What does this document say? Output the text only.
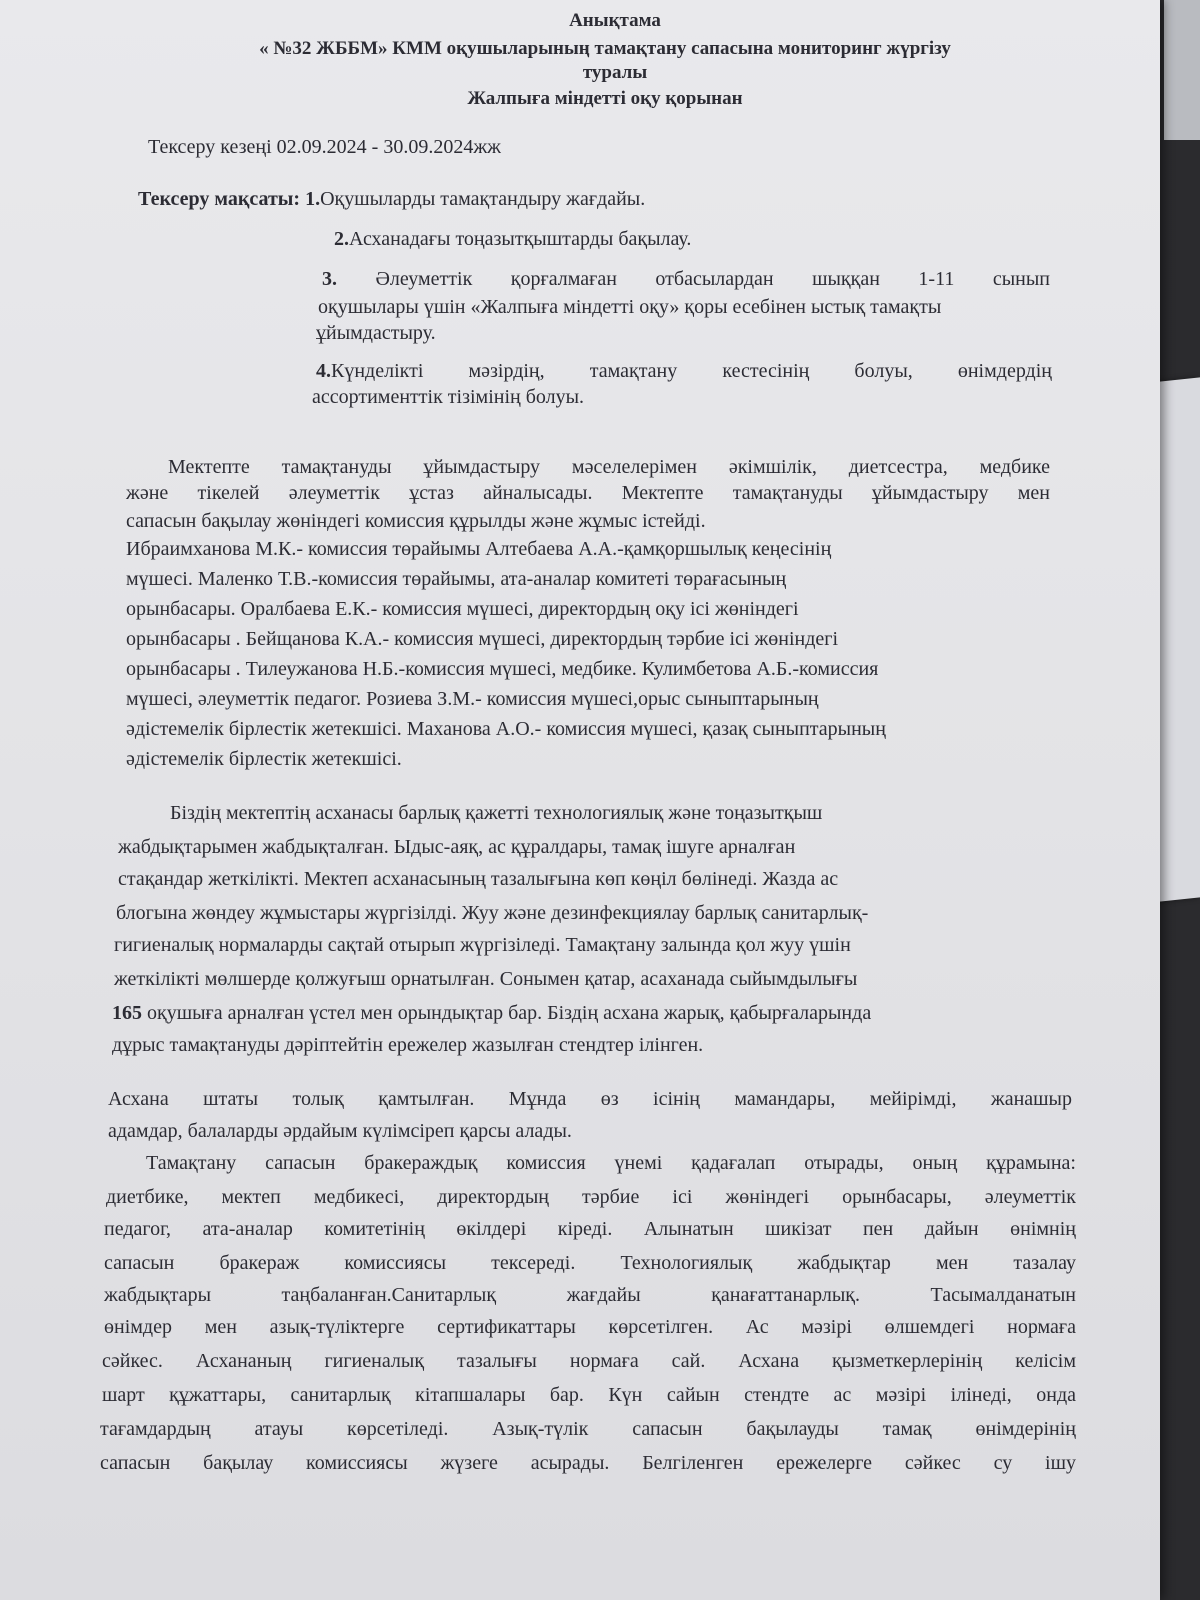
Анықтама
« №32 ЖББМ» КММ оқушыларының тамақтану сапасына мониторинг жүргізу
туралы
Жалпыға міндетті оқу қорынан
Тексеру кезеңі 02.09.2024 - 30.09.2024жж
Тексеру мақсаты: 1.Оқушыларды тамақтандыру жағдайы.
2.Асханадағы тоңазытқыштарды бақылау.
3. Әлеуметтік қорғалмаған отбасылардан шыққан 1-11 сынып
оқушылары үшін «Жалпыға міндетті оқу» қоры есебінен ыстық тамақты
ұйымдастыру.
4.Күнделікті мәзірдің, тамақтану кестесінің болуы, өнімдердің
ассортименттік тізімінің болуы.
Мектепте тамақтануды ұйымдастыру мәселелерімен әкімшілік, диетсестра, медбике
және тікелей әлеуметтік ұстаз айналысады. Мектепте тамақтануды ұйымдастыру мен
сапасын бақылау жөніндегі комиссия құрылды және жұмыс істейді.
Ибраимханова М.К.- комиссия төрайымы Алтебаева А.А.-қамқоршылық кеңесінің
мүшесі. Маленко Т.В.-комиссия төрайымы, ата-аналар комитеті төрағасының
орынбасары. Оралбаева Е.К.- комиссия мүшесі, директордың оқу ісі жөніндегі
орынбасары . Бейщанова К.А.- комиссия мүшесі, директордың тәрбие ісі жөніндегі
орынбасары . Тилеужанова Н.Б.-комиссия мүшесі, медбике. Кулимбетова А.Б.-комиссия
мүшесі, әлеуметтік педагог. Розиева З.М.- комиссия мүшесі,орыс сыныптарының
әдістемелік бірлестік жетекшісі. Маханова А.О.- комиссия мүшесі, қазақ сыныптарының
әдістемелік бірлестік жетекшісі.
Біздің мектептің асханасы барлық қажетті технологиялық және тоңазытқыш
жабдықтарымен жабдықталған. Ыдыс-аяқ, ас құралдары, тамақ ішуге арналған
стақандар жеткілікті. Мектеп асханасының тазалығына көп көңіл бөлінеді. Жазда ас
блогына жөндеу жұмыстары жүргізілді. Жуу және дезинфекциялау барлық санитарлық-
гигиеналық нормаларды сақтай отырып жүргізіледі. Тамақтану залында қол жуу үшін
жеткілікті мөлшерде қолжуғыш орнатылған. Сонымен қатар, асаханада сыйымдылығы
165 оқушыға арналған үстел мен орындықтар бар. Біздің асхана жарық, қабырғаларында
дұрыс тамақтануды дәріптейтін ережелер жазылған стендтер ілінген.
Асхана штаты толық қамтылған. Мұнда өз ісінің мамандары, мейірімді, жанашыр
адамдар, балаларды әрдайым күлімсіреп қарсы алады.
Тамақтану сапасын бракераждық комиссия үнемі қадағалап отырады, оның құрамына:
диетбике, мектеп медбикесі, директордың тәрбие ісі жөніндегі орынбасары, әлеуметтік
педагог, ата-аналар комитетінің өкілдері кіреді. Алынатын шикізат пен дайын өнімнің
сапасын бракераж комиссиясы тексереді. Технологиялық жабдықтар мен тазалау
жабдықтары таңбаланған.Санитарлық жағдайы қанағаттанарлық. Тасымалданатын
өнімдер мен азық-түліктерге сертификаттары көрсетілген. Ас мәзірі өлшемдегі нормаға
сәйкес. Асхананың гигиеналық тазалығы нормаға сай. Асхана қызметкерлерінің келісім
шарт құжаттары, санитарлық кітапшалары бар. Күн сайын стендте ас мәзірі ілінеді, онда
тағамдардың атауы көрсетіледі. Азық-түлік сапасын бақылауды тамақ өнімдерінің
сапасын бақылау комиссиясы жүзеге асырады. Белгіленген ережелерге сәйкес су ішу
